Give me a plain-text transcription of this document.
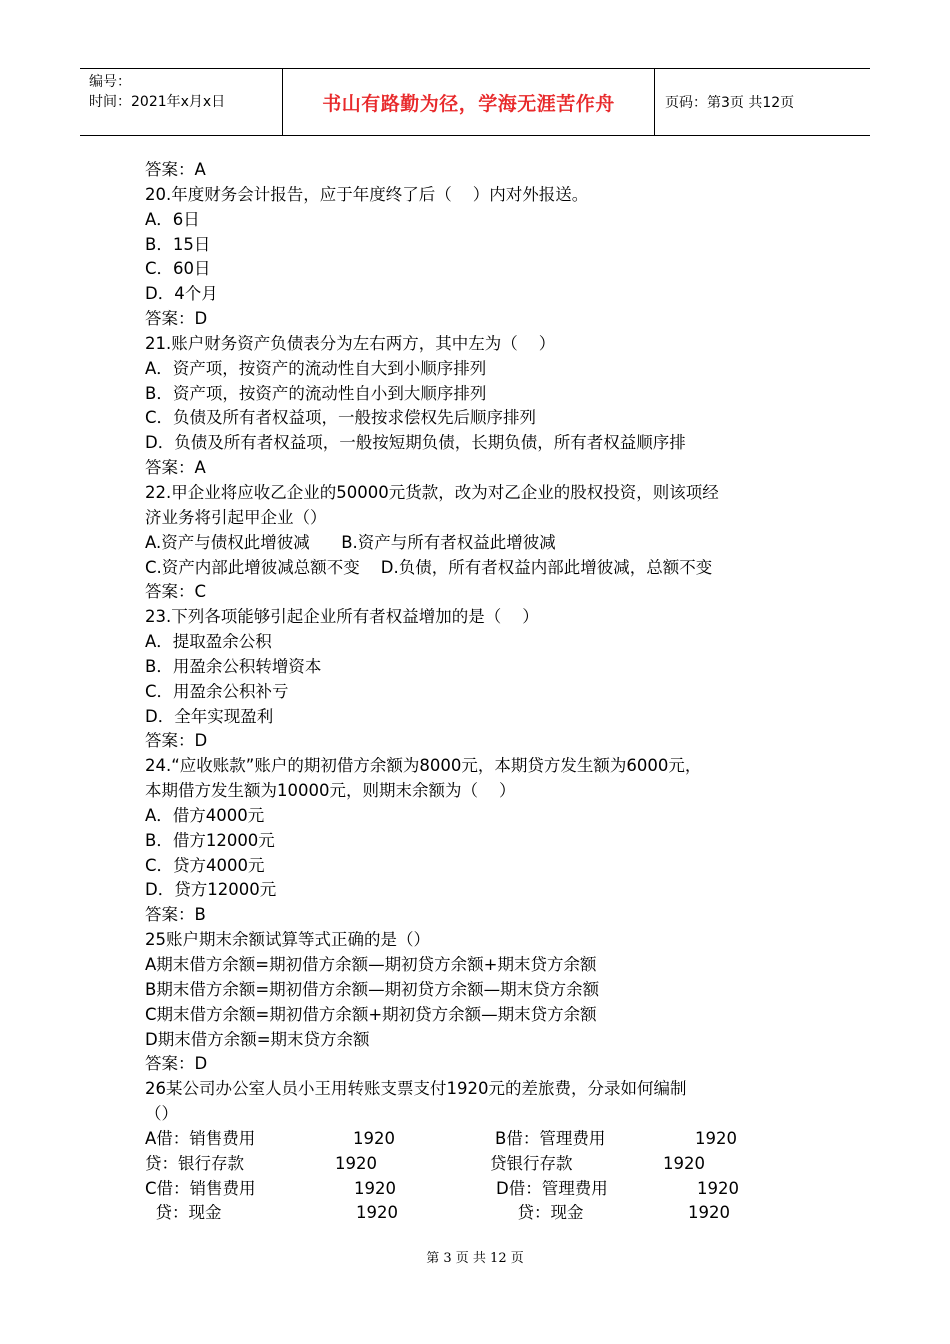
编号：
时间：2021年x月x日	书山有路勤为径，学海无涯苦作舟	页码：第3页 共12页
答案：A
20.年度财务会计报告，应于年度终了后（    ）内对外报送。
A．6日
B．15日
C．60日
D．4个月
答案：D
21.账户财务资产负债表分为左右两方，其中左为（    ）
A．资产项，按资产的流动性自大到小顺序排列
B．资产项，按资产的流动性自小到大顺序排列
C．负债及所有者权益项，一般按求偿权先后顺序排列
D．负债及所有者权益项，一般按短期负债，长期负债，所有者权益顺序排
答案：A
22.甲企业将应收乙企业的50000元货款，改为对乙企业的股权投资，则该项经
济业务将引起甲企业（）
A.资产与债权此增彼减      B.资产与所有者权益此增彼减
C.资产内部此增彼减总额不变    D.负债，所有者权益内部此增彼减，总额不变
答案：C
23.下列各项能够引起企业所有者权益增加的是（    ）
A．提取盈余公积
B．用盈余公积转增资本
C．用盈余公积补亏
D．全年实现盈利
答案：D
24.“应收账款”账户的期初借方余额为8000元，本期贷方发生额为6000元，
本期借方发生额为10000元，则期末余额为（    ）
A．借方4000元
B．借方12000元
C．贷方4000元
D．贷方12000元
答案：B
25账户期末余额试算等式正确的是（）
A期末借方余额=期初借方余额—期初贷方余额+期末贷方余额
B期末借方余额=期初借方余额—期初贷方余额—期末贷方余额
C期末借方余额=期初借方余额+期初贷方余额—期末贷方余额
D期末借方余额=期末贷方余额
答案：D
26某公司办公室人员小王用转账支票支付1920元的差旅费，分录如何编制
（）
A借：销售费用	1920	B借：管理费用	1920
贷：银行存款	1920	贷银行存款	1920
C借：销售费用	1920	D借：管理费用	1920
贷：现金	1920	贷：现金	1920
第 3 页 共 12 页
